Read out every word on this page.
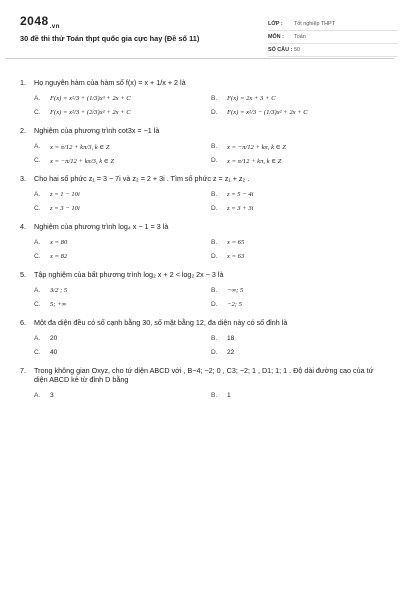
$2048_{.vn}$
30 đề thi thử Toán thpt quốc gia cực hay (Đề số 11)
LỚP :	Tốt nghiệp THPT
MÔN :	Toán
SỐ CÂU : 50
1.	Họ nguyên hàm của hàm số f(x) = x + 1/x + 2 là
A.	F(x) = x²/3 + (1/3)x³ + 2x + C	B.	F(x) = 2x + 3 + C
C.	F(x) = x²/3 + (2/3)x² + 2x + C	D.	F(x) = x²/3 − (1/3)x² + 2x + C
2.	Nghiệm của phương trình cot3x = −1 là
A.	x = π/12 + kπ/3, k ∈ Z	B.	x = −π/12 + kπ, k ∈ Z
C.	x = −π/12 + kπ/3, k ∈ Z	D.	x = π/12 + kπ, k ∈ Z
3.	Cho hai số phức z₁ = 3 − 7i và z₂ = 2 + 3i . Tìm số phức z = z₁ + z₂ .
A.	z = 1 − 10i	B.	z = 5 − 4i
C.	z = 3 − 10i	D.	z = 3 + 3i
4.	Nghiệm của phương trình log₄ x − 1 = 3 là
A.	x = 80	B.	x = 65
C.	x = 82	D.	x = 63
5.	Tập nghiệm của bất phương trình log₂ x + 2 < log₂ 2x − 3 là
A.	3/2 ; 5	B.	−∞; 5
C.	5; +∞	D.	−2; 5
6.	Một đa diện đều có số cạnh bằng 30, số mặt bằng 12, đa diện này có số đỉnh là
A.	20	B.	18
C.	40	D.	22
7.	Trong không gian Oxyz, cho tứ diện ABCD với , B−4; −2; 0 , C3; −2; 1 , D1; 1; 1 . Độ dài đường cao của tứ diện ABCD kẻ từ đỉnh D bằng
A.	3	B.	1
